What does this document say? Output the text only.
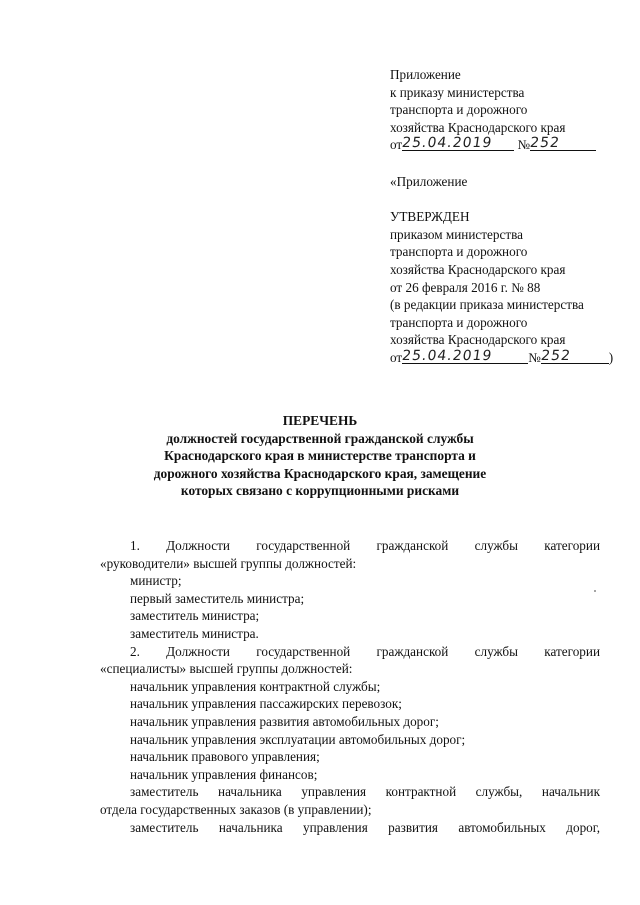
Приложение
к приказу министерства
транспорта и дорожного
хозяйства Краснодарского края
от25.04.2019 №252
«Приложение
УТВЕРЖДЕН
приказом министерства
транспорта и дорожного
хозяйства Краснодарского края
от 26 февраля 2016 г. № 88
(в редакции приказа министерства
транспорта и дорожного
хозяйства Краснодарского края
от25.04.2019	№252	)
ПЕРЕЧЕНЬ
должностей государственной гражданской службы
Краснодарского края в министерстве транспорта и
дорожного хозяйства Краснодарского края, замещение
которых связано с коррупционными рисками
1. Должности государственной гражданской службы категории
«руководители» высшей группы должностей:
министр;
первый заместитель министра;
заместитель министра;
заместитель министра.
2. Должности государственной гражданской службы категории
«специалисты» высшей группы должностей:
начальник управления контрактной службы;
начальник управления пассажирских перевозок;
начальник управления развития автомобильных дорог;
начальник управления эксплуатации автомобильных дорог;
начальник правового управления;
начальник управления финансов;
заместитель начальника управления контрактной службы, начальник
отдела государственных заказов (в управлении);
заместитель начальника управления развития автомобильных дорог,
